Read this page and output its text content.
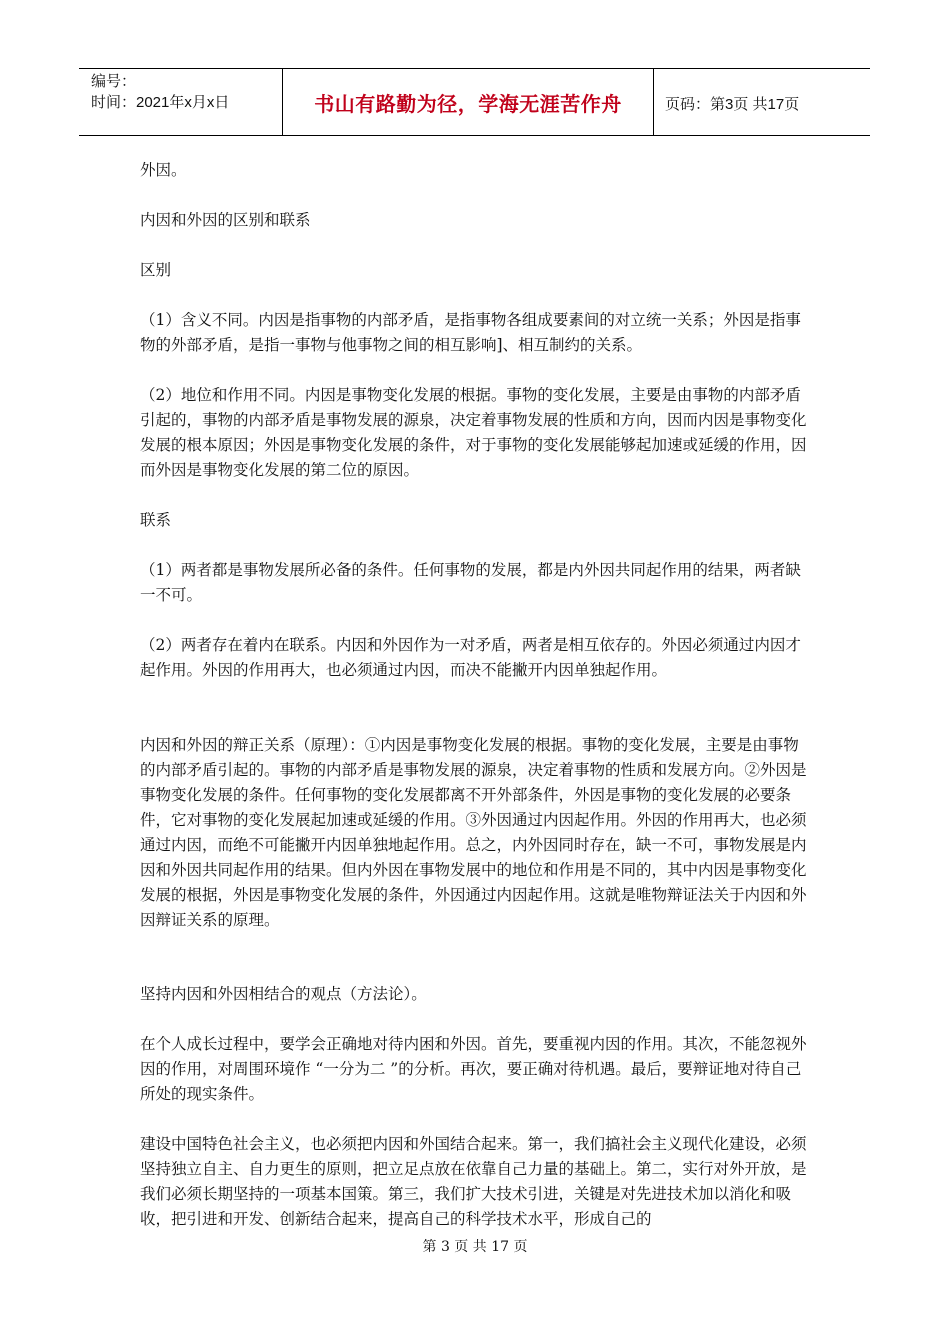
编号：
时间：2021年x月x日	书山有路勤为径，学海无涯苦作舟	页码：第3页 共17页

外因。

内因和外因的区别和联系

区别

（1）含义不同。内因是指事物的内部矛盾，是指事物各组成要素间的对立统一关系；外因是指事物的外部矛盾，是指一事物与他事物之间的相互影响]、相互制约的关系。

（2）地位和作用不同。内因是事物变化发展的根据。事物的变化发展，主要是由事物的内部矛盾引起的，事物的内部矛盾是事物发展的源泉，决定着事物发展的性质和方向，因而内因是事物变化发展的根本原因；外因是事物变化发展的条件，对于事物的变化发展能够起加速或延缓的作用，因而外因是事物变化发展的第二位的原因。

联系

（1）两者都是事物发展所必备的条件。任何事物的发展，都是内外因共同起作用的结果，两者缺一不可。

（2）两者存在着内在联系。内因和外因作为一对矛盾，两者是相互依存的。外因必须通过内因才起作用。外因的作用再大，也必须通过内因，而决不能撇开内因单独起作用。

内因和外因的辩正关系（原理）：①内因是事物变化发展的根据。事物的变化发展，主要是由事物的内部矛盾引起的。事物的内部矛盾是事物发展的源泉，决定着事物的性质和发展方向。②外因是事物变化发展的条件。任何事物的变化发展都离不开外部条件，外因是事物的变化发展的必要条件，它对事物的变化发展起加速或延缓的作用。③外因通过内因起作用。外因的作用再大，也必须通过内因，而绝不可能撇开内因单独地起作用。总之，内外因同时存在，缺一不可，事物发展是内因和外因共同起作用的结果。但内外因在事物发展中的地位和作用是不同的，其中内因是事物变化发展的根据，外因是事物变化发展的条件，外因通过内因起作用。这就是唯物辩证法关于内因和外因辩证关系的原理。

坚持内因和外因相结合的观点（方法论）。

在个人成长过程中，要学会正确地对待内困和外因。首先，要重视内因的作用。其次，不能忽视外因的作用，对周围环境作 “一分为二 ”的分析。再次，要正确对待机遇。最后，要辩证地对待自己所处的现实条件。

建设中国特色社会主义，也必须把内因和外国结合起来。第一，我们搞社会主义现代化建设，必须坚持独立自主、自力更生的原则，把立足点放在依靠自己力量的基础上。第二，实行对外开放，是我们必须长期坚持的一项基本国策。第三，我们扩大技术引进，关键是对先进技术加以消化和吸收，把引进和开发、创新结合起来，提高自己的科学技术水平，形成自己的

第 3 页 共 17 页
